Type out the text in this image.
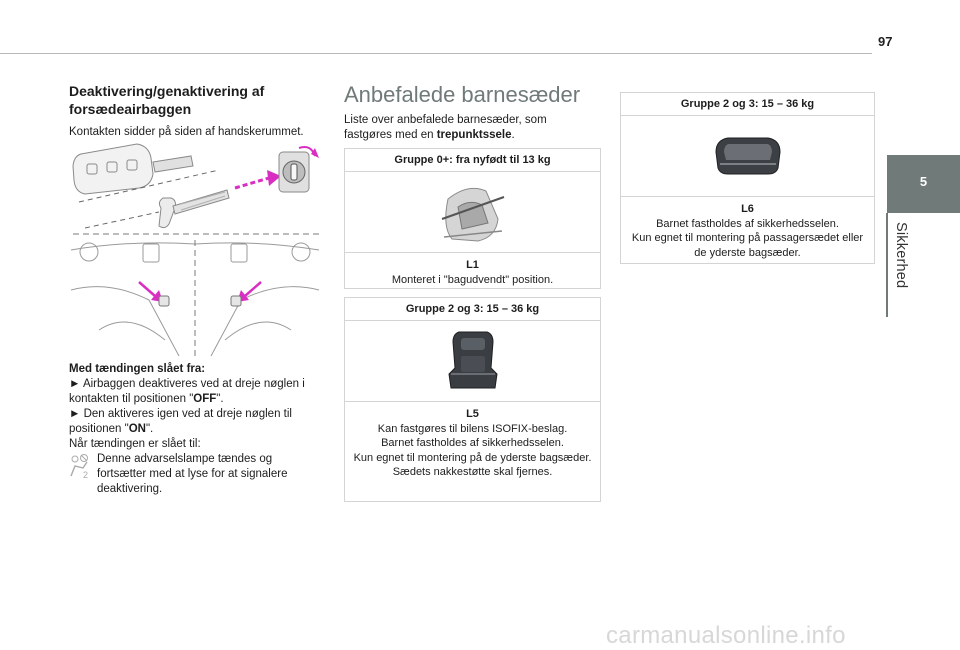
97
5
Sikkerhed
Deaktivering/genaktivering af forsædeairbaggen

Kontakten sidder på siden af handskerummet.

Med tændingen slået fra:

► Airbaggen deaktiveres ved at dreje nøglen i kontakten til positionen "OFF".

► Den aktiveres igen ved at dreje nøglen til positionen "ON".

Når tændingen er slået til:

2

Denne advarselslampe tændes og fortsætter med at lyse for at signalere deaktivering.

Anbefalede barnesæder

Liste over anbefalede barnesæder, som fastgøres med en trepunktssele.

Gruppe 0+: fra nyfødt til 13 kg
L1
Monteret i "bagudvendt" position.
Gruppe 2 og 3: 15 – 36 kg
L5
Kan fastgøres til bilens ISOFIX-beslag.
Barnet fastholdes af sikkerhedsselen.
Kun egnet til montering på de yderste bagsæder.
Sædets nakkestøtte skal fjernes.
Gruppe 2 og 3: 15 – 36 kg
L6
Barnet fastholdes af sikkerhedsselen.
Kun egnet til montering på passagersædet eller de yderste bagsæder.
carmanualsonline.info
